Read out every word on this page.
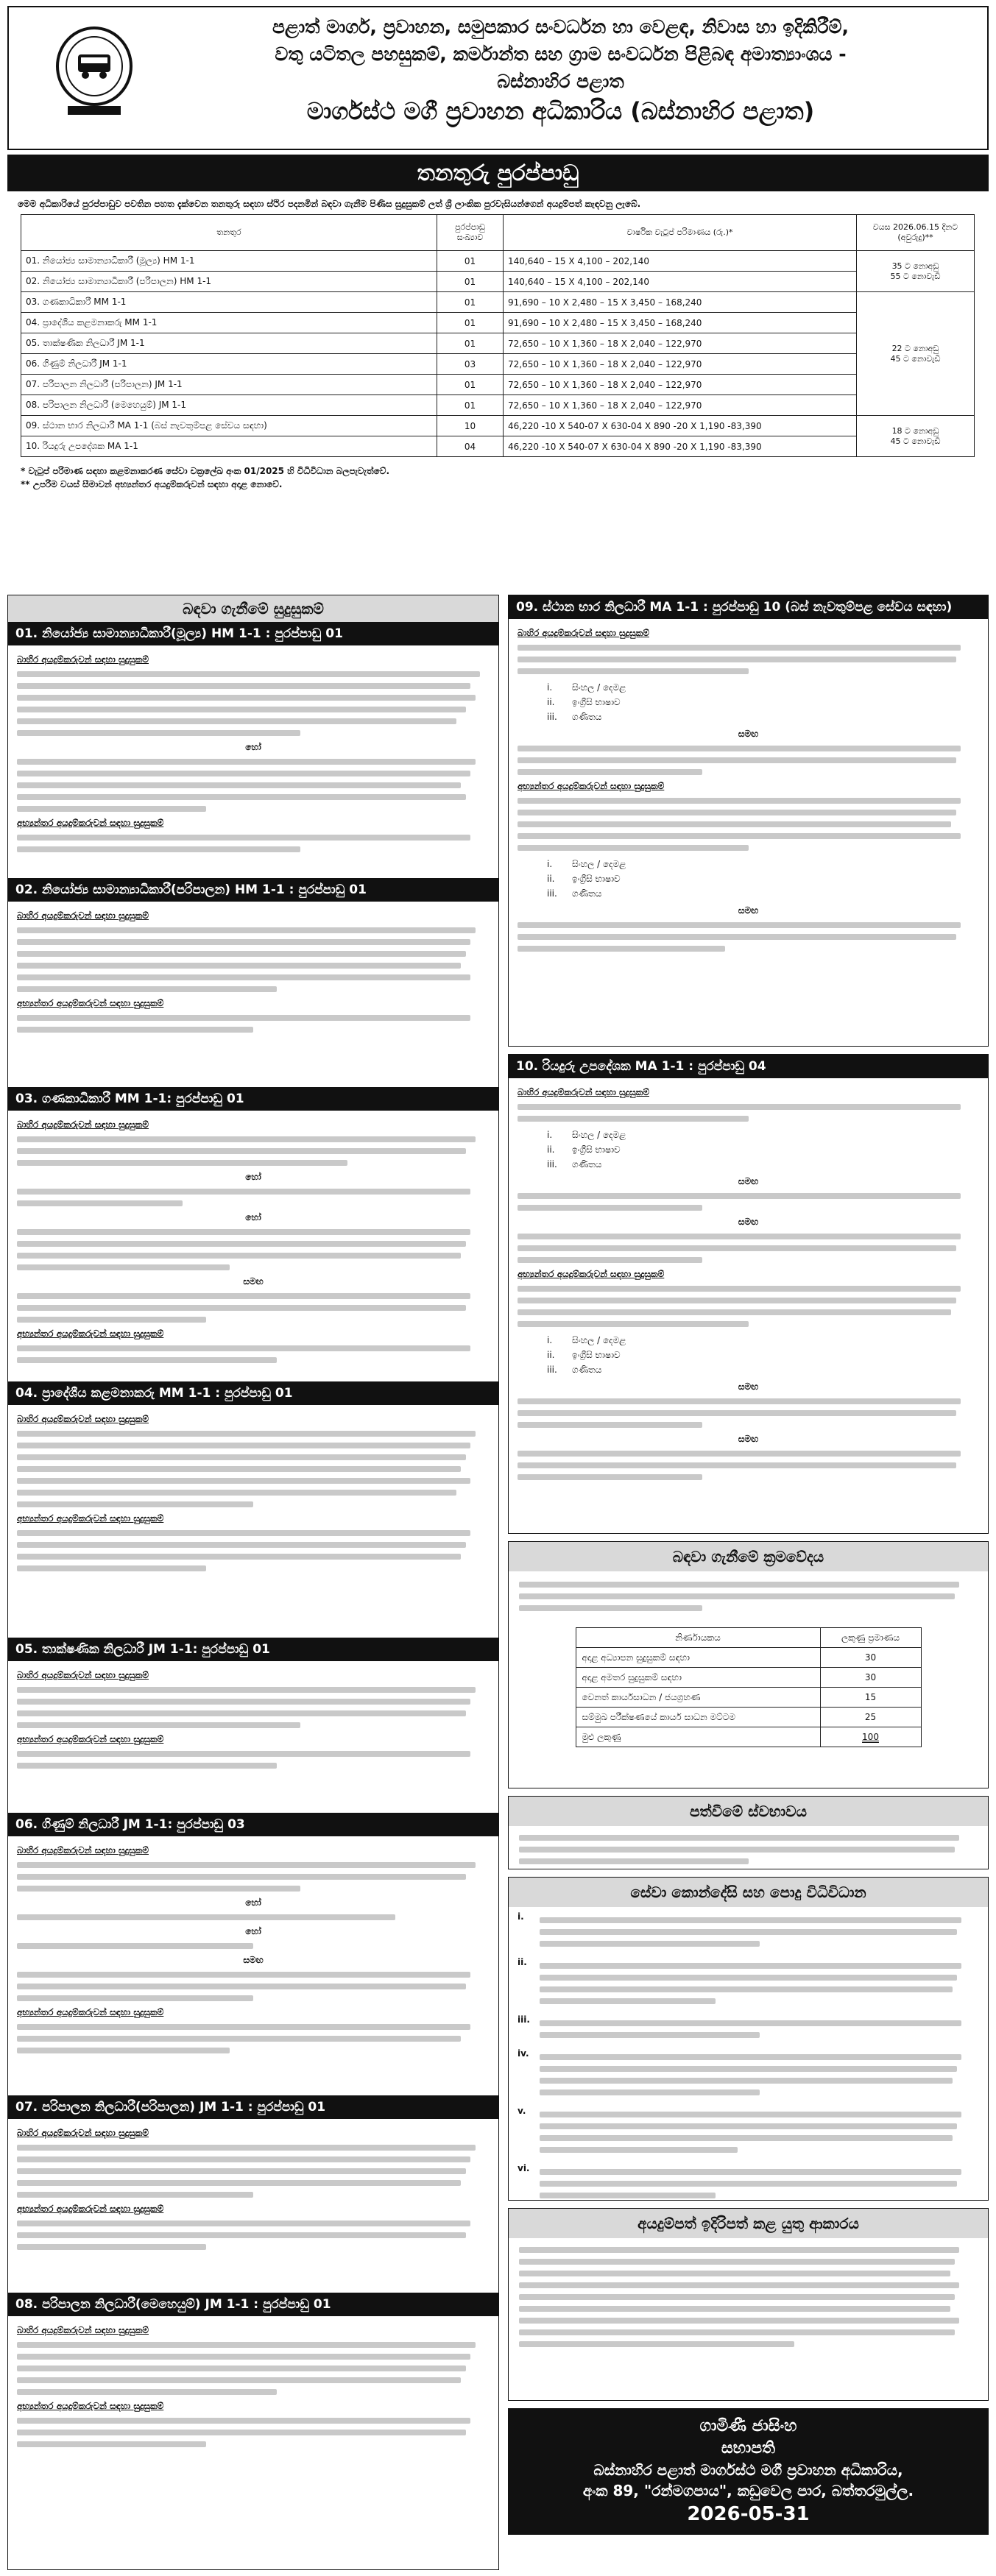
පළාත් මාර්ග, ප්‍රවාහන, සමුපකාර සංවර්ධන හා වෙළඳ, නිවාස හා ඉදිකිරීම්,
වතු යටිතල පහසුකම්, කර්මාන්ත සහ ග්‍රාම සංවර්ධන පිළිබඳ අමාත්‍යාංශය -
බස්නාහිර පළාත
මාර්ගස්ථ මගී ප්‍රවාහන අධිකාරිය (බස්නාහිර පළාත)
තනතුරු පුරප්පාඩු
මෙම අධිකාරියේ පුරප්පාඩුව පවතින පහත දැක්වෙන තනතුරු සඳහා ස්ථිර පදනමින් බඳවා ගැනීම පිණිස සුදුසුකම් ලත් ශ්‍රී ලාංකික පුරවැසියන්ගෙන් අයදුම්පත් කැඳවනු ලැබේ.
තනතුර	පුරප්පාඩු සංඛ්‍යාව	වාර්ෂික වැටුප් පරිමාණය (රු.)*	වයස 2026.06.15 දිනට (අවුරුදු)**
01. නියෝජ්‍ය සාමාන්‍යාධිකාරී (මූල්‍ය) HM 1-1	01	140,640 – 15 X 4,100 – 202,140	35 ට නොඅඩු
55 ට නොවැඩි
02. නියෝජ්‍ය සාමාන්‍යාධිකාරී (පරිපාලන) HM 1-1	01	140,640 – 15 X 4,100 – 202,140	
03. ගණකාධිකාරී MM 1-1	01	91,690 – 10 X 2,480 – 15 X 3,450 – 168,240	22 ට නොඅඩු
45 ට නොවැඩි
04. ප්‍රාදේශීය කළමනාකරු MM 1-1	01	91,690 – 10 X 2,480 – 15 X 3,450 – 168,240	
05. තාක්ෂණික නිලධාරී JM 1-1	01	72,650 – 10 X 1,360 – 18 X 2,040 – 122,970	
06. ගිණුම් නිලධාරී JM 1-1	03	72,650 – 10 X 1,360 – 18 X 2,040 – 122,970	
07. පරිපාලන නිලධාරී (පරිපාලන) JM 1-1	01	72,650 – 10 X 1,360 – 18 X 2,040 – 122,970	
08. පරිපාලන නිලධාරී (මෙහෙයුම්) JM 1-1	01	72,650 – 10 X 1,360 – 18 X 2,040 – 122,970	
09. ස්ථාන භාර නිලධාරී MA 1-1 (බස් නැවතුම්පළ සේවය සඳහා)	10	46,220 -10 X 540-07 X 630-04 X 890 -20 X 1,190 -83,390	18 ට නොඅඩු
45 ට නොවැඩි
10. රියදුරු උපදේශක MA 1-1	04	46,220 -10 X 540-07 X 630-04 X 890 -20 X 1,190 -83,390	
* වැටුප් පරිමාණ සඳහා කළමනාකරණ සේවා චක්‍රලේඛ අංක 01/2025 හි විධිවිධාන බලපැවැත්වේ.
** උපරිම වයස් සීමාවන් අභ්‍යන්තර අයදුම්කරුවන් සඳහා අදාළ නොවේ.
බඳවා ගැනීමේ සුදුසුකම්
01. නියෝජ්‍ය සාමාන්‍යාධිකාරී(මූල්‍ය) HM 1-1 : පුරප්පාඩු 01
බාහිර අයදුම්කරුවන් සඳහා සුදුසුකම්
හෝ
අභ්‍යන්තර අයදුම්කරුවන් සඳහා සුදුසුකම්
02. නියෝජ්‍ය සාමාන්‍යාධිකාරී(පරිපාලන) HM 1-1 : පුරප්පාඩු 01
බාහිර අයදුම්කරුවන් සඳහා සුදුසුකම්
අභ්‍යන්තර අයදුම්කරුවන් සඳහා සුදුසුකම්
03. ගණකාධිකාරී MM 1-1: පුරප්පාඩු 01
බාහිර අයදුම්කරුවන් සඳහා සුදුසුකම්
හෝ
හෝ
සමඟ
අභ්‍යන්තර අයදුම්කරුවන් සඳහා සුදුසුකම්
04. ප්‍රාදේශීය කළමනාකරු MM 1-1 : පුරප්පාඩු 01
බාහිර අයදුම්කරුවන් සඳහා සුදුසුකම්
අභ්‍යන්තර අයදුම්කරුවන් සඳහා සුදුසුකම්
05. තාක්ෂණික නිලධාරී JM 1-1: පුරප්පාඩු 01
බාහිර අයදුම්කරුවන් සඳහා සුදුසුකම්
අභ්‍යන්තර අයදුම්කරුවන් සඳහා සුදුසුකම්
06. ගිණුම් නිලධාරී JM 1-1: පුරප්පාඩු 03
බාහිර අයදුම්කරුවන් සඳහා සුදුසුකම්
හෝ
හෝ
සමඟ
අභ්‍යන්තර අයදුම්කරුවන් සඳහා සුදුසුකම්
07. පරිපාලන නිලධාරී(පරිපාලන) JM 1-1 : පුරප්පාඩු 01
බාහිර අයදුම්කරුවන් සඳහා සුදුසුකම්
අභ්‍යන්තර අයදුම්කරුවන් සඳහා සුදුසුකම්
08. පරිපාලන නිලධාරී(මෙහෙයුම්) JM 1-1 : පුරප්පාඩු 01
බාහිර අයදුම්කරුවන් සඳහා සුදුසුකම්
අභ්‍යන්තර අයදුම්කරුවන් සඳහා සුදුසුකම්
09. ස්ථාන භාර නිලධාරී MA 1-1 : පුරප්පාඩු 10 (බස් නැවතුම්පළ සේවය සඳහා)
බාහිර අයදුම්කරුවන් සඳහා සුදුසුකම්
i.	සිංහල / දෙමළ
ii.	ඉංග්‍රීසි භාෂාව
iii.	ගණිතය
සමඟ
අභ්‍යන්තර අයදුම්කරුවන් සඳහා සුදුසුකම්
i.	සිංහල / දෙමළ
ii.	ඉංග්‍රීසි භාෂාව
iii.	ගණිතය
සමඟ
10. රියදුරු උපදේශක MA 1-1 : පුරප්පාඩු 04
බාහිර අයදුම්කරුවන් සඳහා සුදුසුකම්
i.	සිංහල / දෙමළ
ii.	ඉංග්‍රීසි භාෂාව
iii.	ගණිතය
සමඟ
සමඟ
අභ්‍යන්තර අයදුම්කරුවන් සඳහා සුදුසුකම්
i.	සිංහල / දෙමළ
ii.	ඉංග්‍රීසි භාෂාව
iii.	ගණිතය
සමඟ
සමඟ
බඳවා ගැනීමේ ක්‍රමවේදය
නිර්ණායකය	ලකුණු ප්‍රමාණය
අදාළ අධ්‍යාපන සුදුසුකම් සඳහා	30
අදාළ අමතර සුදුසුකම් සඳහා	30
වෙනත් කාර්යසාධන / ජයග්‍රහණ	15
සම්මුඛ පරීක්ෂණයේ කාර්ය සාධන මට්ටම	25
මුළු ලකුණු	100
පත්වීමේ ස්වභාවය
සේවා කොන්දේසි සහ පොදු විධිවිධාන
i.
ii.
iii.
iv.
v.
vi.
අයදුම්පත් ඉදිරිපත් කළ යුතු ආකාරය
ගාමිණී ජාසිංහ
සභාපති
බස්නාහිර පළාත් මාර්ගස්ථ මගී ප්‍රවාහන අධිකාරිය,
අංක 89, "රන්මගපාය", කඩුවෙල පාර, බත්තරමුල්ල.
2026-05-31
